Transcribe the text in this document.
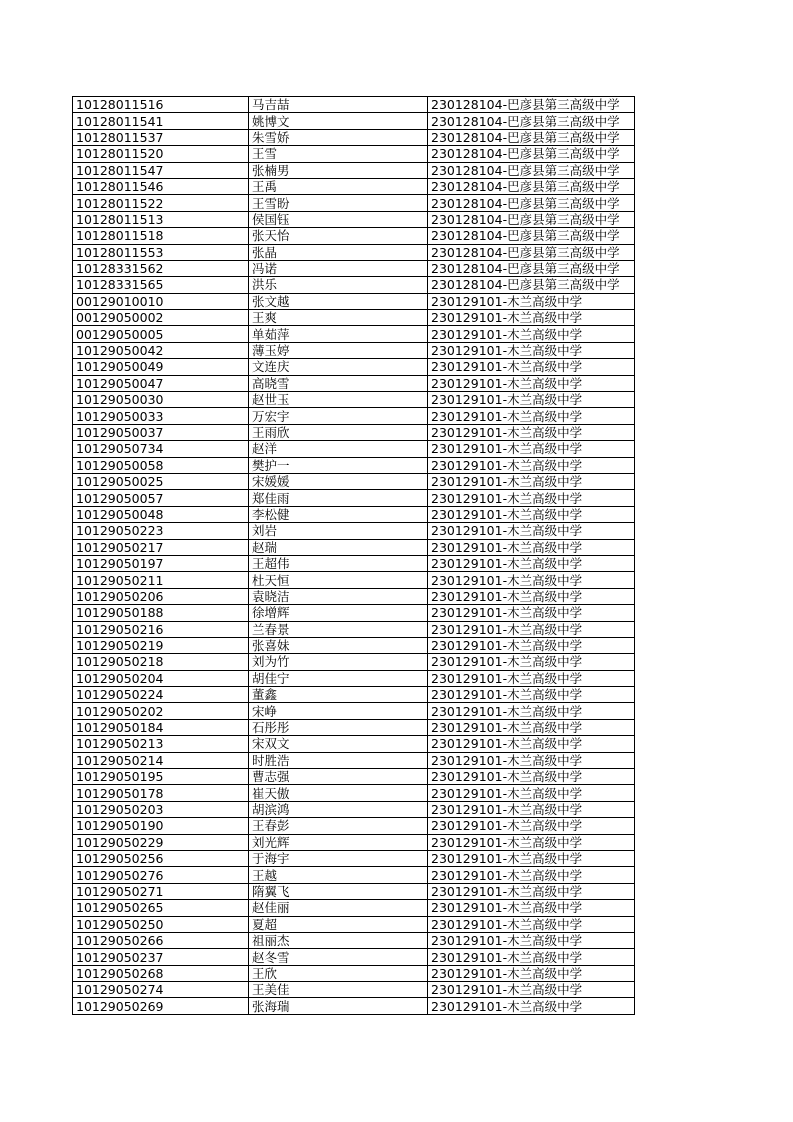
10128011516	马吉喆	230128104-巴彦县第三高级中学
10128011541	姚博文	230128104-巴彦县第三高级中学
10128011537	朱雪娇	230128104-巴彦县第三高级中学
10128011520	王雪	230128104-巴彦县第三高级中学
10128011547	张楠男	230128104-巴彦县第三高级中学
10128011546	王禹	230128104-巴彦县第三高级中学
10128011522	王雪盼	230128104-巴彦县第三高级中学
10128011513	侯国钰	230128104-巴彦县第三高级中学
10128011518	张天怡	230128104-巴彦县第三高级中学
10128011553	张晶	230128104-巴彦县第三高级中学
10128331562	冯诺	230128104-巴彦县第三高级中学
10128331565	洪乐	230128104-巴彦县第三高级中学
00129010010	张文越	230129101-木兰高级中学
00129050002	王爽	230129101-木兰高级中学
00129050005	单茹萍	230129101-木兰高级中学
10129050042	薄玉婷	230129101-木兰高级中学
10129050049	文连庆	230129101-木兰高级中学
10129050047	高晓雪	230129101-木兰高级中学
10129050030	赵世玉	230129101-木兰高级中学
10129050033	万宏宇	230129101-木兰高级中学
10129050037	王雨欣	230129101-木兰高级中学
10129050734	赵洋	230129101-木兰高级中学
10129050058	樊护一	230129101-木兰高级中学
10129050025	宋媛媛	230129101-木兰高级中学
10129050057	郑佳雨	230129101-木兰高级中学
10129050048	李松健	230129101-木兰高级中学
10129050223	刘岩	230129101-木兰高级中学
10129050217	赵瑞	230129101-木兰高级中学
10129050197	王超伟	230129101-木兰高级中学
10129050211	杜天恒	230129101-木兰高级中学
10129050206	袁晓洁	230129101-木兰高级中学
10129050188	徐增辉	230129101-木兰高级中学
10129050216	兰春景	230129101-木兰高级中学
10129050219	张喜妹	230129101-木兰高级中学
10129050218	刘为竹	230129101-木兰高级中学
10129050204	胡佳宁	230129101-木兰高级中学
10129050224	董鑫	230129101-木兰高级中学
10129050202	宋峥	230129101-木兰高级中学
10129050184	石彤彤	230129101-木兰高级中学
10129050213	宋双文	230129101-木兰高级中学
10129050214	时胜浩	230129101-木兰高级中学
10129050195	曹志强	230129101-木兰高级中学
10129050178	崔天傲	230129101-木兰高级中学
10129050203	胡滨鸿	230129101-木兰高级中学
10129050190	王春彭	230129101-木兰高级中学
10129050229	刘光辉	230129101-木兰高级中学
10129050256	于海宇	230129101-木兰高级中学
10129050276	王越	230129101-木兰高级中学
10129050271	隋翼飞	230129101-木兰高级中学
10129050265	赵佳丽	230129101-木兰高级中学
10129050250	夏超	230129101-木兰高级中学
10129050266	祖丽杰	230129101-木兰高级中学
10129050237	赵冬雪	230129101-木兰高级中学
10129050268	王欣	230129101-木兰高级中学
10129050274	王美佳	230129101-木兰高级中学
10129050269	张海瑞	230129101-木兰高级中学
